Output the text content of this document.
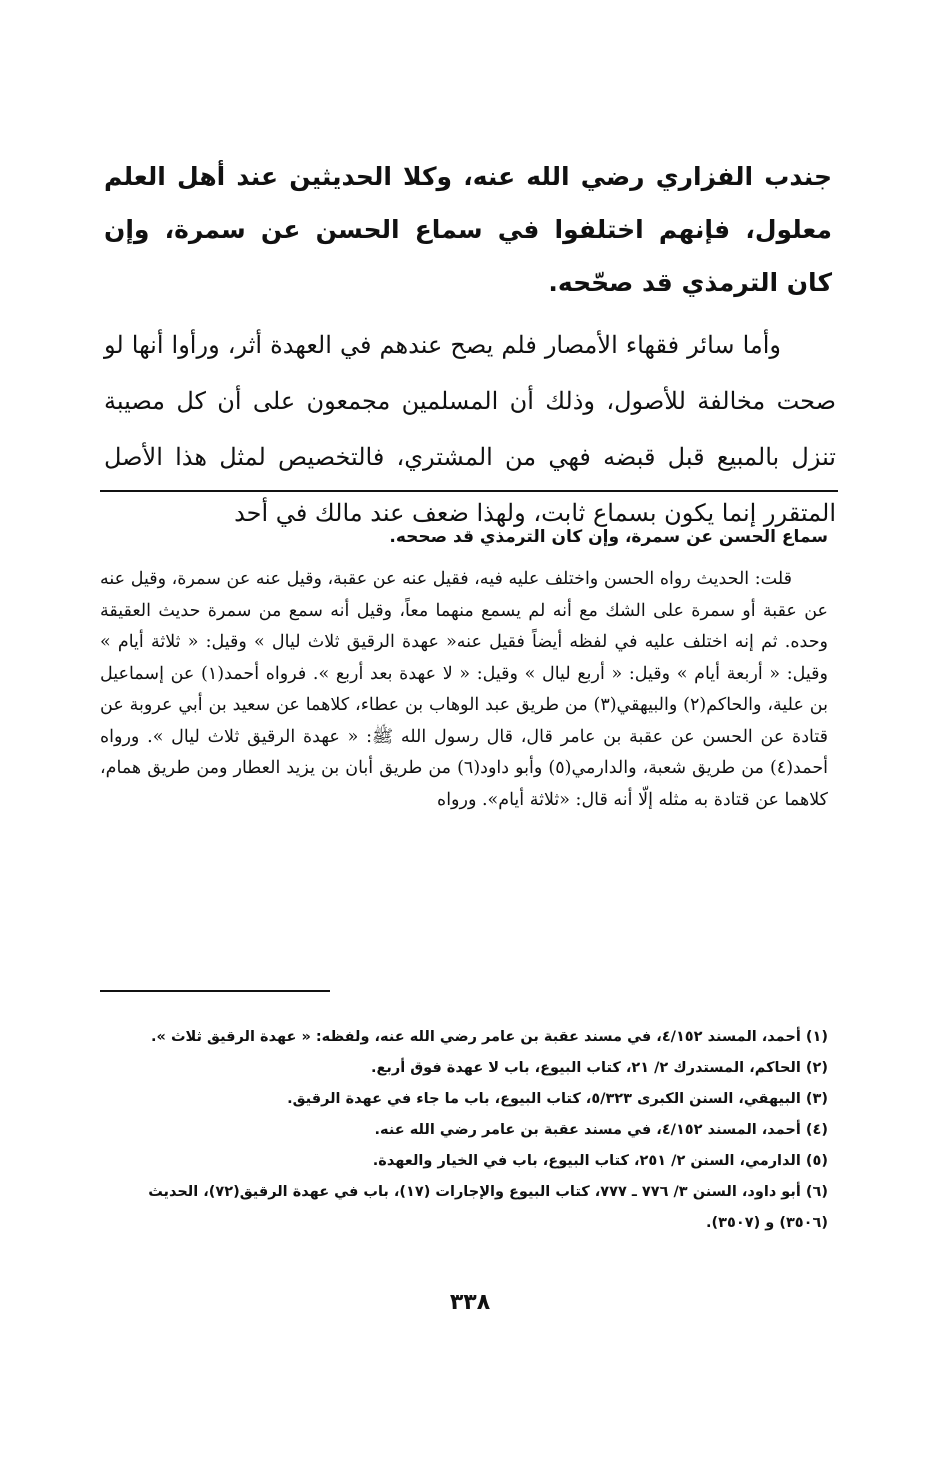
جندب الفزاري رضي الله عنه، وكلا الحديثين عند أهل العلم معلول، فإنهم اختلفوا في سماع الحسن عن سمرة، وإن كان الترمذي قد صحّحه.

وأما سائر فقهاء الأمصار فلم يصح عندهم في العهدة أثر، ورأوا أنها لو صحت مخالفة للأصول، وذلك أن المسلمين مجمعون على أن كل مصيبة تنزل بالمبيع قبل قبضه فهي من المشتري، فالتخصيص لمثل هذا الأصل المتقرر إنما يكون بسماع ثابت، ولهذا ضعف عند مالك في أحد

سماع الحسن عن سمرة، وإن كان الترمذي قد صححه.

قلت: الحديث رواه الحسن واختلف عليه فيه، فقيل عنه عن عقبة، وقيل عنه عن سمرة، وقيل عنه عن عقبة أو سمرة على الشك مع أنه لم يسمع منهما معاً، وقيل أنه سمع من سمرة حديث العقيقة وحده. ثم إنه اختلف عليه في لفظه أيضاً فقيل عنه« عهدة الرقيق ثلاث ليال » وقيل: « ثلاثة أيام » وقيل: « أربعة أيام » وقيل: « أربع ليال » وقيل: « لا عهدة بعد أربع ». فرواه أحمد(١) عن إسماعيل بن علية، والحاكم(٢) والبيهقي(٣) من طريق عبد الوهاب بن عطاء، كلاهما عن سعيد بن أبي عروبة عن قتادة عن الحسن عن عقبة بن عامر قال، قال رسول الله ﷺ: « عهدة الرقيق ثلاث ليال ». ورواه أحمد(٤) من طريق شعبة، والدارمي(٥) وأبو داود(٦) من طريق أبان بن يزيد العطار ومن طريق همام، كلاهما عن قتادة به مثله إلّا أنه قال: «ثلاثة أيام». ورواه

(١) أحمد، المسند ٤/١٥٢، في مسند عقبة بن عامر رضي الله عنه، ولفظه: « عهدة الرقيق ثلاث ».
(٢) الحاكم، المستدرك ٢/ ٢١، كتاب البيوع، باب لا عهدة فوق أربع.
(٣) البيهقي، السنن الكبرى ٥/٣٢٣، كتاب البيوع، باب ما جاء في عهدة الرقيق.
(٤) أحمد، المسند ٤/١٥٢، في مسند عقبة بن عامر رضي الله عنه.
(٥) الدارمي، السنن ٢/ ٢٥١، كتاب البيوع، باب في الخيار والعهدة.
(٦) أبو داود، السنن ٣/ ٧٧٦ ـ ٧٧٧، كتاب البيوع والإجارات (١٧)، باب في عهدة الرقيق(٧٢)، الحديث (٣٥٠٦) و (٣٥٠٧).
٣٣٨
